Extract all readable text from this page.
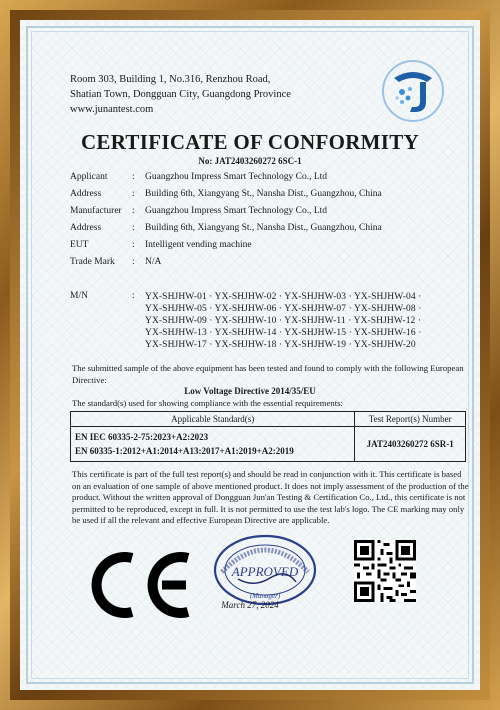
Room 303, Building 1, No.316, Renzhou Road,
Shatian Town, Dongguan City, Guangdong Province
www.junantest.com
CERTIFICATE OF CONFORMITY
No: JAT2403260272 6SC-1
Applicant	: Guangzhou Impress Smart Technology Co., Ltd
Address	: Building 6th, Xiangyang St., Nansha Dist., Guangzhou, China
Manufacturer : Guangzhou Impress Smart Technology Co., Ltd
Address	: Building 6th, Xiangyang St., Nansha Dist., Guangzhou, China
EUT	: Intelligent vending machine
Trade Mark : N/A
M/N	: YX-SHJHW-01 · YX-SHJHW-02 · YX-SHJHW-03 · YX-SHJHW-04 ·
YX-SHJHW-05 · YX-SHJHW-06 · YX-SHJHW-07 · YX-SHJHW-08 ·
YX-SHJHW-09 · YX-SHJHW-10 · YX-SHJHW-11 · YX-SHJHW-12 ·
YX-SHJHW-13 · YX-SHJHW-14 · YX-SHJHW-15 · YX-SHJHW-16 ·
YX-SHJHW-17 · YX-SHJHW-18 · YX-SHJHW-19 · YX-SHJHW-20
The submitted sample of the above equipment has been tested and found to comply with the following European Directive:
Low Voltage Directive 2014/35/EU
The standard(s) used for showing compliance with the essential requirements:
Applicable Standard(s)	Test Report(s) Number

EN IEC 60335-2-75:2023+A2:2023
EN 60335-1:2012+A1:2014+A13:2017+A1:2019+A2:2019	JAT2403260272 6SR-1
This certificate is part of the full test report(s) and should be read in conjunction with it. This certificate is based on an evaluation of one sample of above mentioned product. It does not imply assessment of the production of the product. Without the written approval of Dongguan Jun'an Testing & Certification Co., Ltd., this certificate is not permitted to be reproduced, except in full. It is not permitted to use the test lab's logo. The CE marking may only be used if all the relevant and effective European Directive are applicable.
APPROVED
(Manager)
March 27, 2024
